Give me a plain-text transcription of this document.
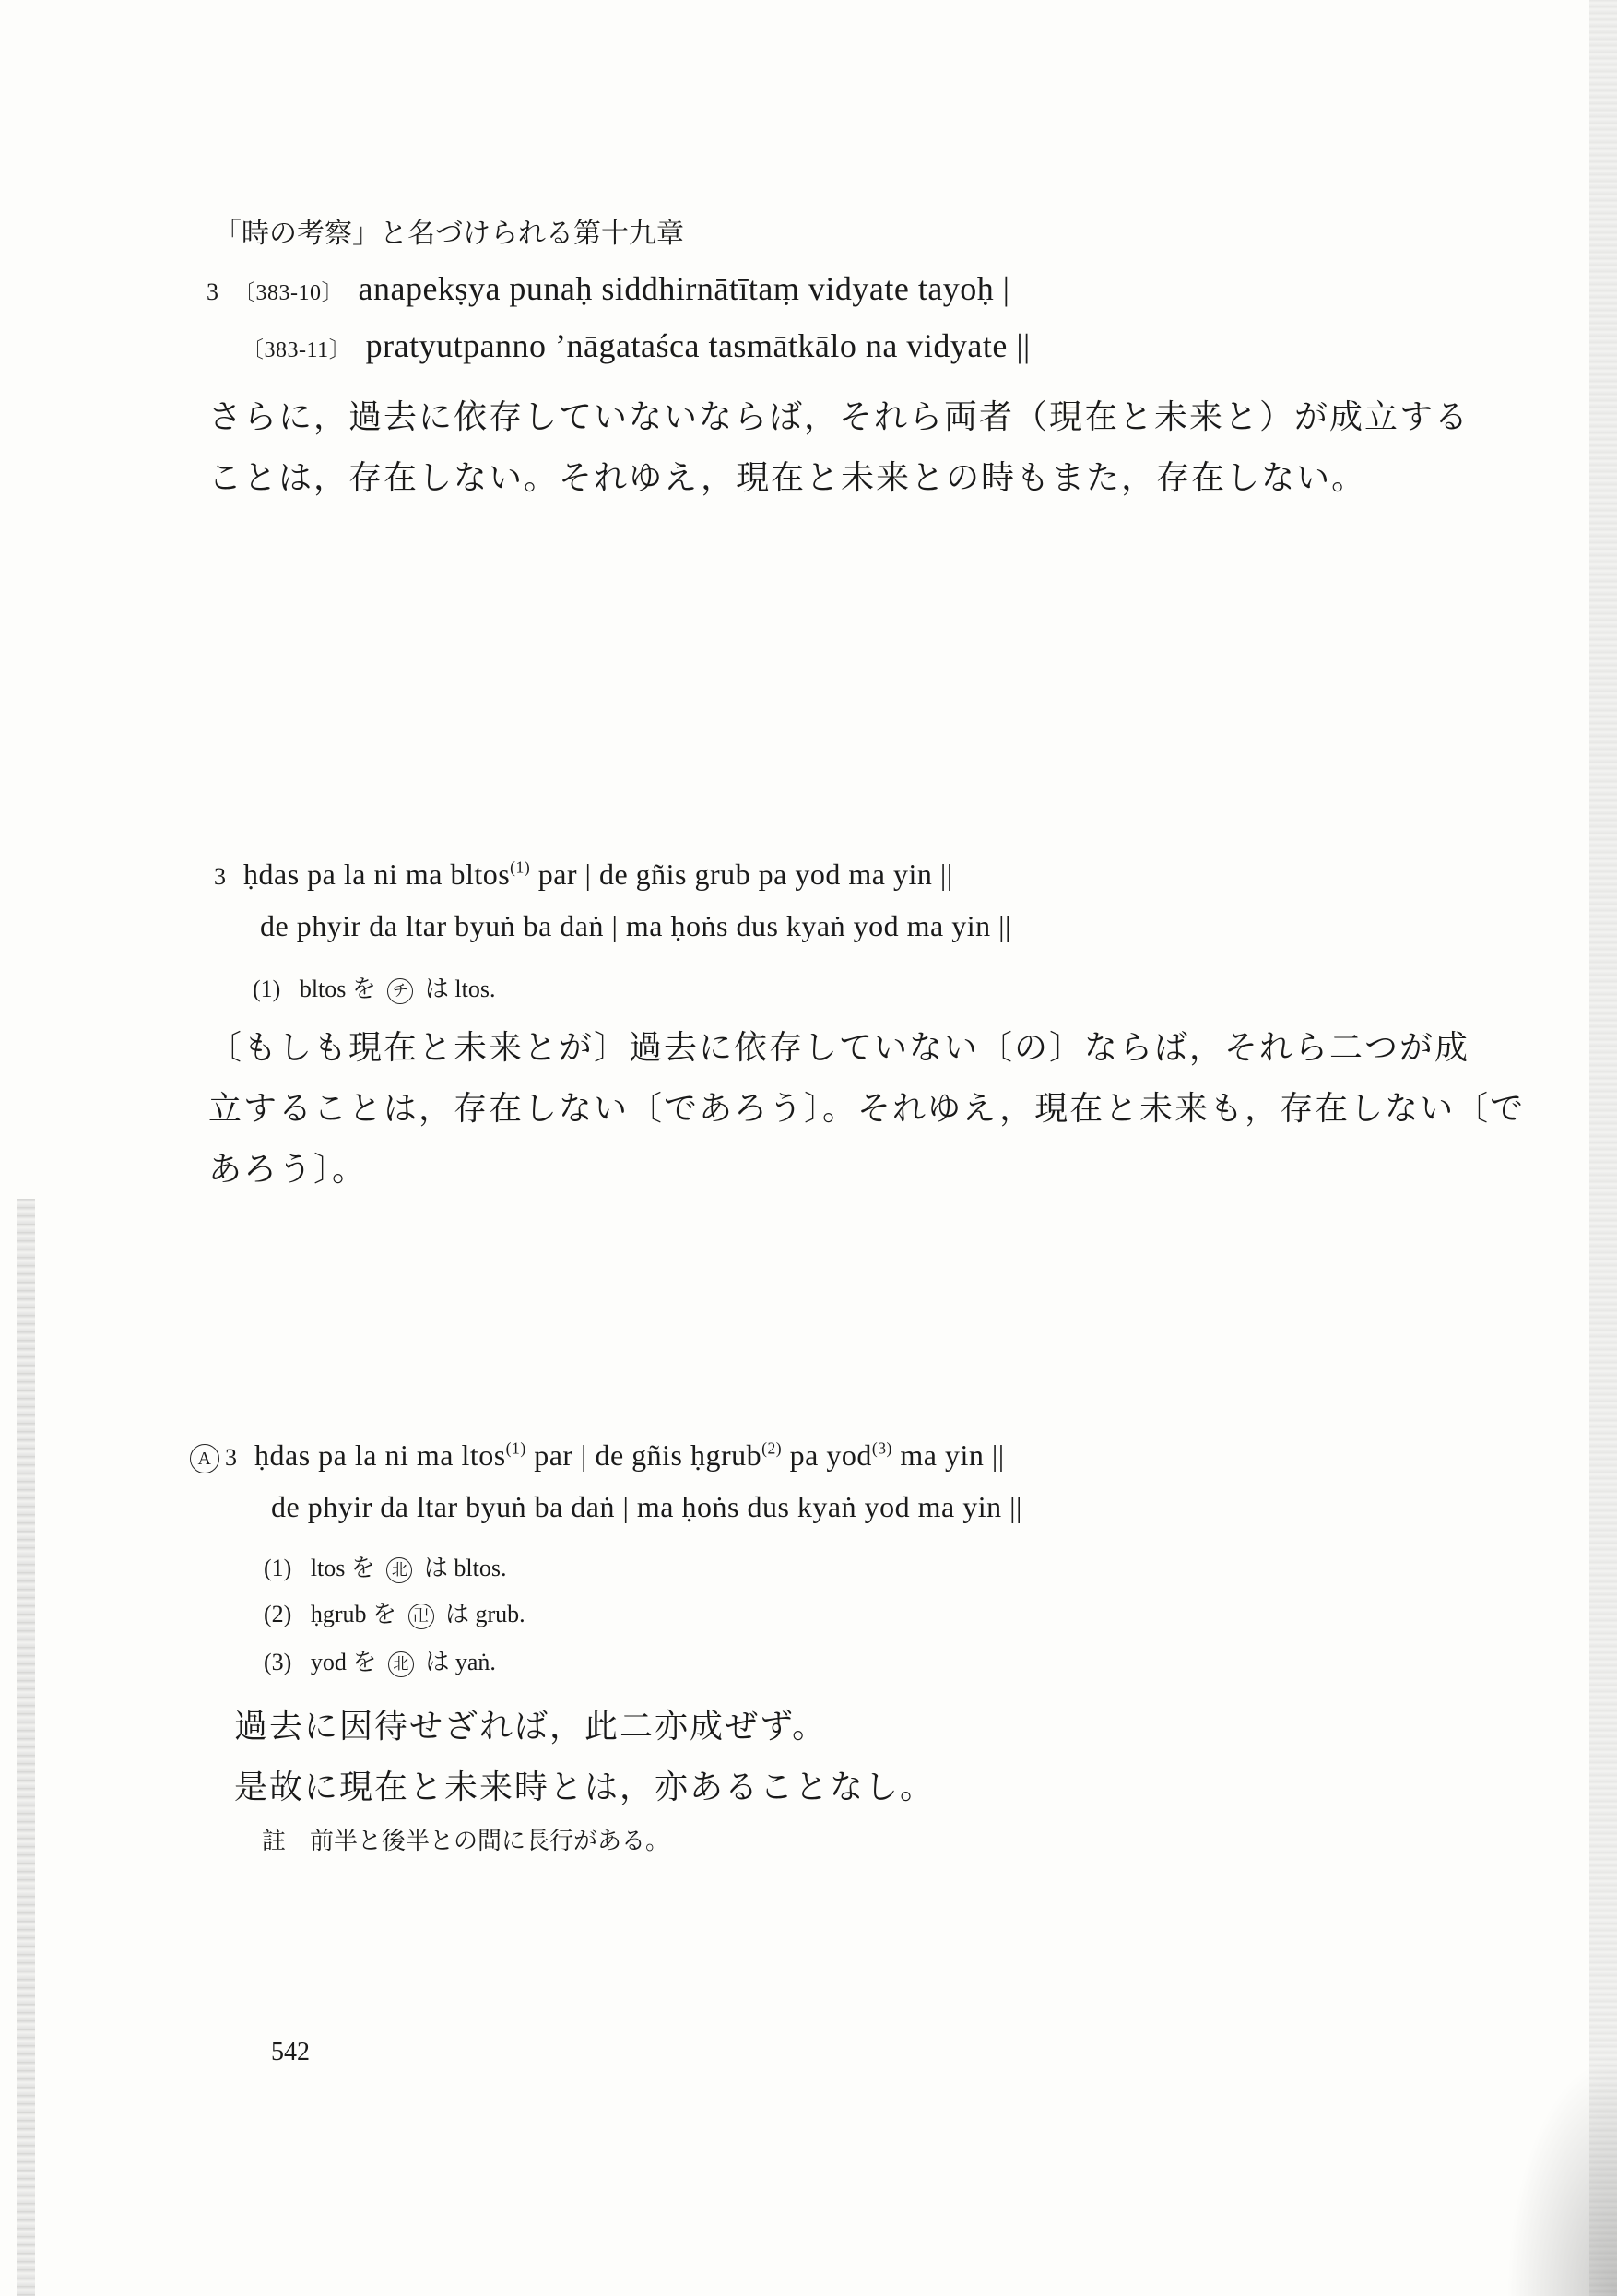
「時の考察」と名づけられる第十九章
3 〔383-10〕 anapekṣya punaḥ siddhirnātītaṃ vidyate tayoḥ |
〔383-11〕 pratyutpanno ’nāgataśca tasmātkālo na vidyate ||
さらに，過去に依存していないならば，それら両者（現在と未来と）が成立する
ことは，存在しない。それゆえ，現在と未来との時もまた，存在しない。
3 ḥdas pa la ni ma bltos$^{(1)}$ par | de gñis grub pa yod ma yin ||
de phyir da ltar byuṅ ba daṅ | ma ḥoṅs dus kyaṅ yod ma yin ||
(1) bltos を チ は ltos.
〔もしも現在と未来とが〕過去に依存していない〔の〕ならば，それら二つが成
立することは，存在しない〔であろう〕。それゆえ，現在と未来も，存在しない〔で
あろう〕。
A 3 ḥdas pa la ni ma ltos$^{(1)}$ par | de gñis ḥgrub$^{(2)}$ pa yod$^{(3)}$ ma yin ||
de phyir da ltar byuṅ ba daṅ | ma ḥoṅs dus kyaṅ yod ma yin ||
(1) ltos を 北 は bltos.
(2) ḥgrub を 卍 は grub.
(3) yod を 北 は yaṅ.
過去に因待せざれば，此二亦成ぜず。
是故に現在と未来時とは，亦あることなし。
註　前半と後半との間に長行がある。
542
